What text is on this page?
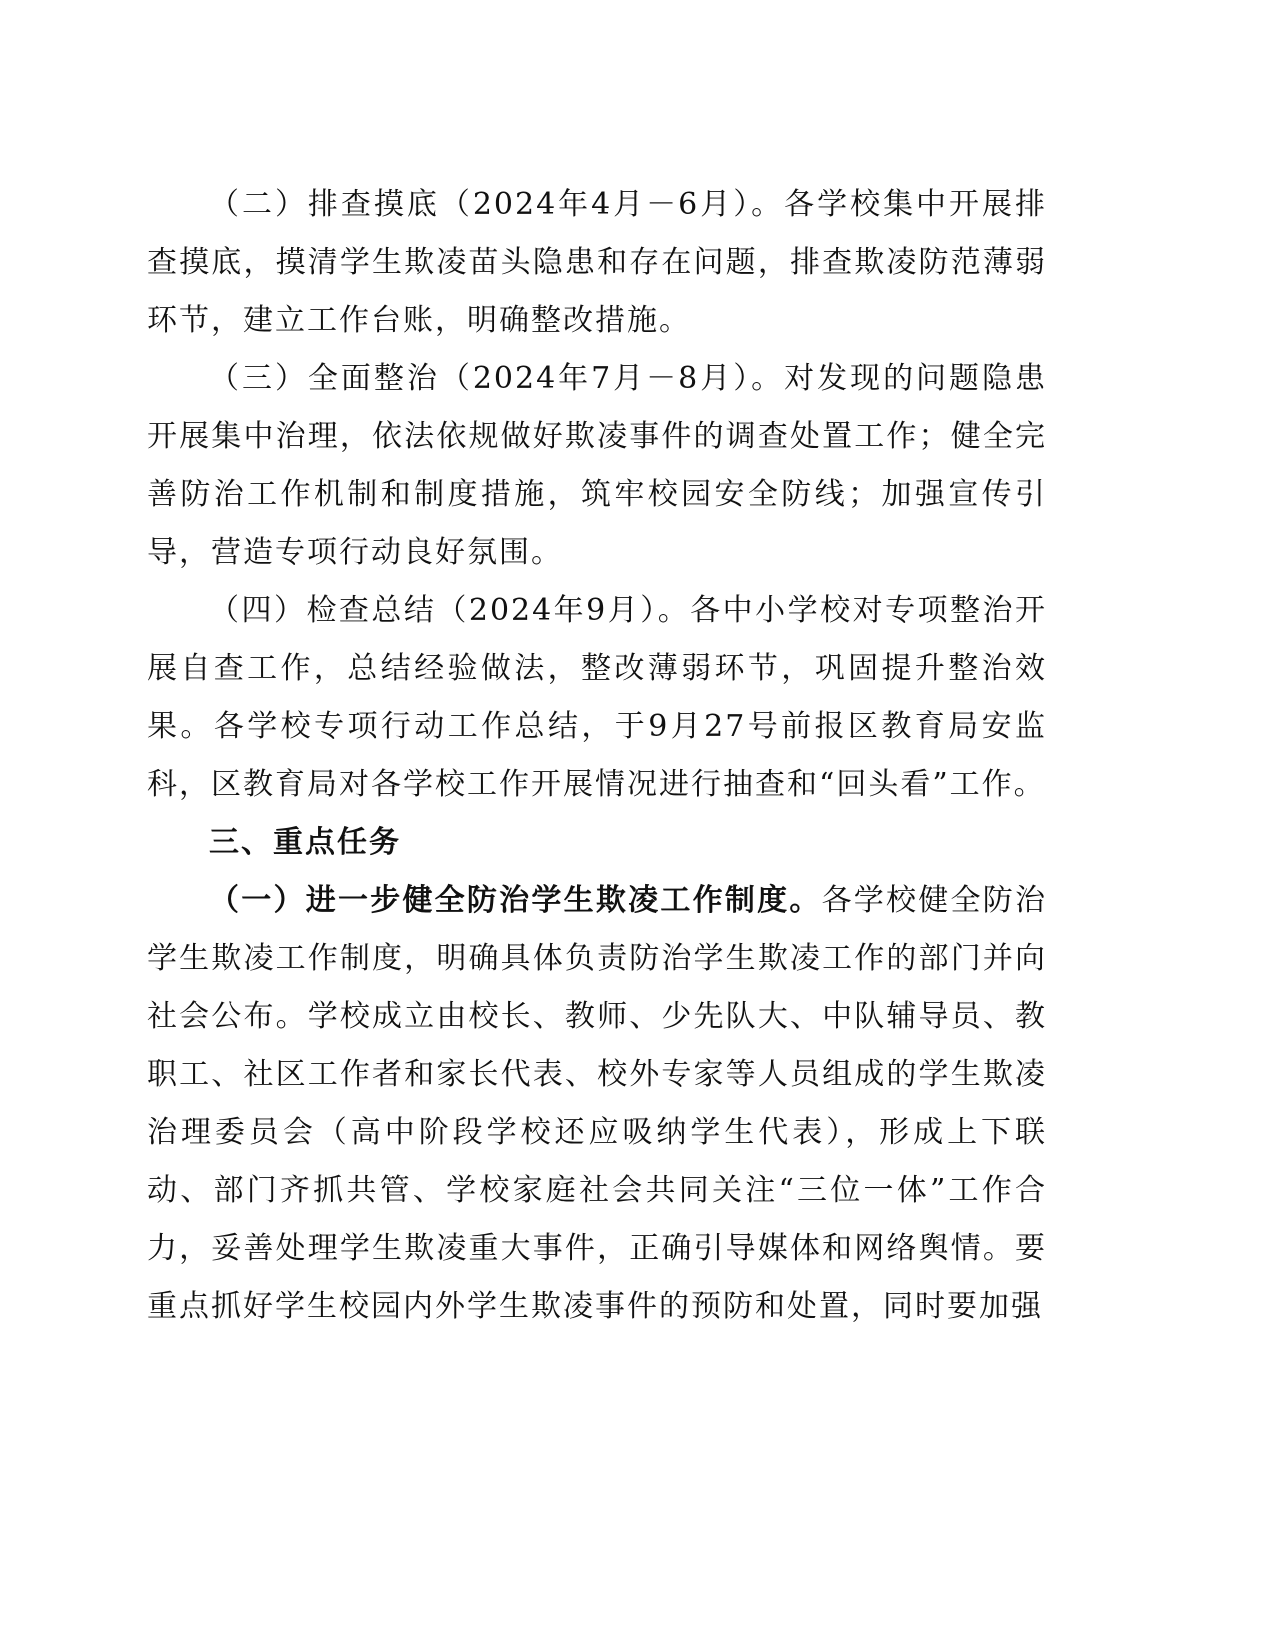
（二）排查摸底（2024年4月－6月）。各学校集中开展排查摸底，摸清学生欺凌苗头隐患和存在问题，排查欺凌防范薄弱环节，建立工作台账，明确整改措施。

（三）全面整治（2024年7月－8月）。对发现的问题隐患开展集中治理，依法依规做好欺凌事件的调查处置工作；健全完善防治工作机制和制度措施，筑牢校园安全防线；加强宣传引导，营造专项行动良好氛围。

（四）检查总结（2024年9月）。各中小学校对专项整治开展自查工作，总结经验做法，整改薄弱环节，巩固提升整治效果。各学校专项行动工作总结，于9月27号前报区教育局安监科，区教育局对各学校工作开展情况进行抽查和“回头看”工作。

三、重点任务

（一）进一步健全防治学生欺凌工作制度。各学校健全防治学生欺凌工作制度，明确具体负责防治学生欺凌工作的部门并向社会公布。学校成立由校长、教师、少先队大、中队辅导员、教职工、社区工作者和家长代表、校外专家等人员组成的学生欺凌治理委员会（高中阶段学校还应吸纳学生代表），形成上下联动、部门齐抓共管、学校家庭社会共同关注“三位一体”工作合力，妥善处理学生欺凌重大事件，正确引导媒体和网络舆情。要重点抓好学生校园内外学生欺凌事件的预防和处置，同时要加强
